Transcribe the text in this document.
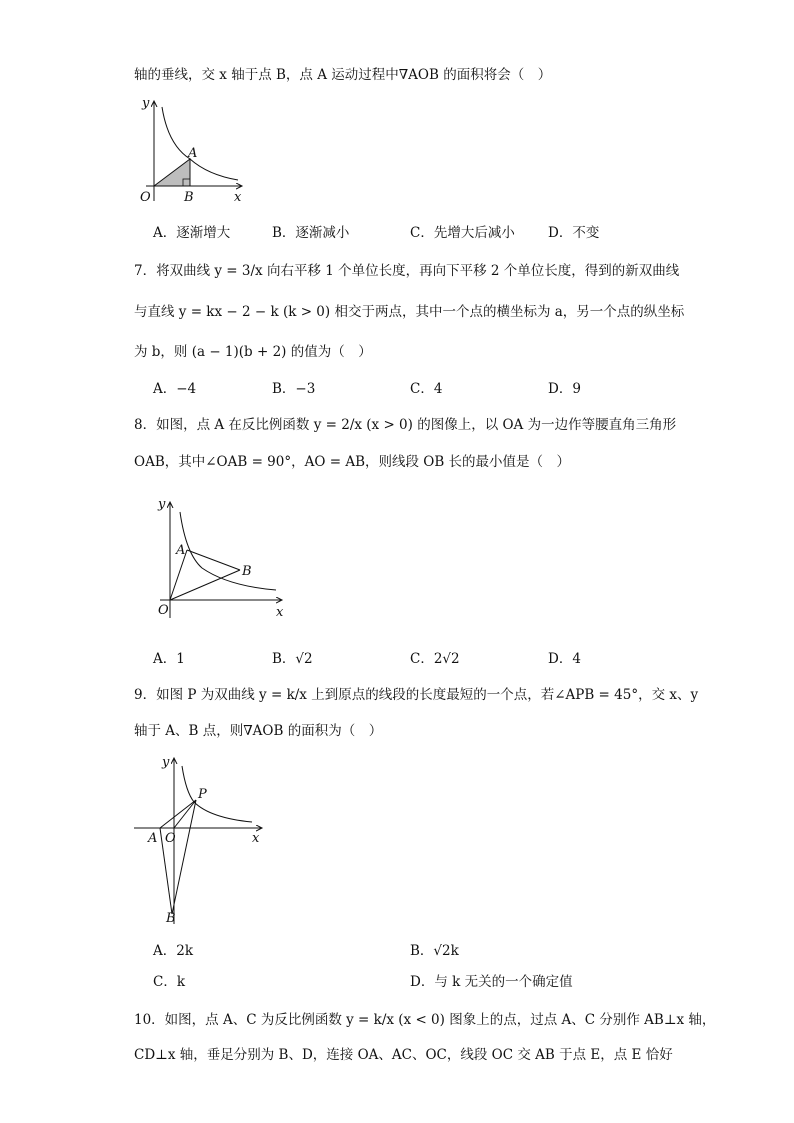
轴的垂线，交 x 轴于点 B，点 A 运动过程中∇AOB 的面积将会（　）
y
x
O
A
B
A．逐渐增大	B．逐渐减小	C．先增大后减小 D．不变
7．将双曲线 y = 3/x 向右平移 1 个单位长度，再向下平移 2 个单位长度，得到的新双曲线
与直线 y = kx − 2 − k (k > 0) 相交于两点，其中一个点的横坐标为 a，另一个点的纵坐标
为 b，则 (a − 1)(b + 2) 的值为（　）
A．−4	B．−3	C．4	D．9
8．如图，点 A 在反比例函数 y = 2/x (x > 0) 的图像上，以 OA 为一边作等腰直角三角形
OAB，其中∠OAB = 90°，AO = AB，则线段 OB 长的最小值是（　）
y
x
O
A
B
A．1	B．√2	C．2√2	D．4
9．如图 P 为双曲线 y = k/x 上到原点的线段的长度最短的一个点，若∠APB = 45°，交 x、y
轴于 A、B 点，则∇AOB 的面积为（　）
y
x
A O
P
B
A．2k	B．√2k
C．k	D．与 k 无关的一个确定值
10．如图，点 A、C 为反比例函数 y = k/x (x < 0) 图象上的点，过点 A、C 分别作 AB⊥x 轴，
CD⊥x 轴，垂足分别为 B、D，连接 OA、AC、OC，线段 OC 交 AB 于点 E，点 E 恰好
